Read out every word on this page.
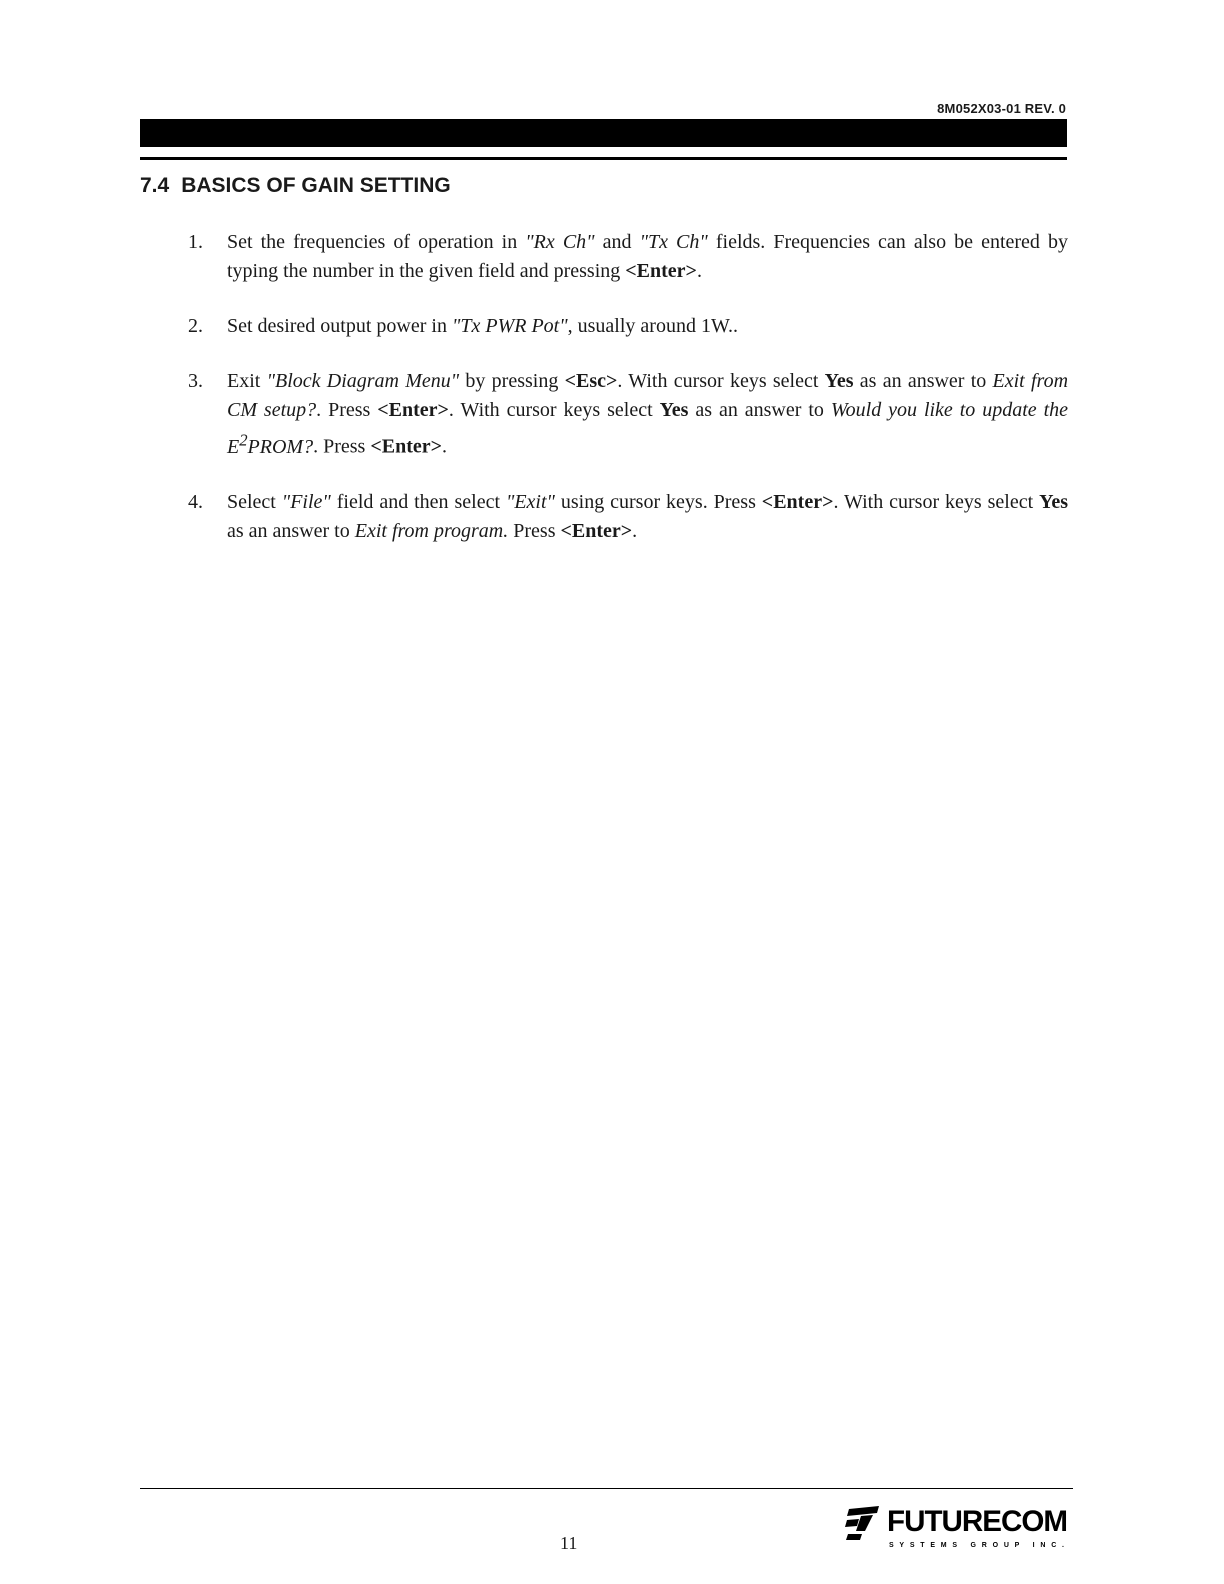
8M052X03-01 REV. 0
7.4 BASICS OF GAIN SETTING
1. Set the frequencies of operation in "Rx Ch" and "Tx Ch" fields. Frequencies can also be entered by typing the number in the given field and pressing <Enter>.
2. Set desired output power in "Tx PWR Pot", usually around 1W..
3. Exit "Block Diagram Menu" by pressing <Esc>. With cursor keys select Yes as an answer to Exit from CM setup?. Press <Enter>. With cursor keys select Yes as an answer to Would you like to update the $E^2PROM$?. Press <Enter>.
4. Select "File" field and then select "Exit" using cursor keys. Press <Enter>. With cursor keys select Yes as an answer to Exit from program. Press <Enter>.
11
FUTURECOM
SYSTEMS GROUP INC.
